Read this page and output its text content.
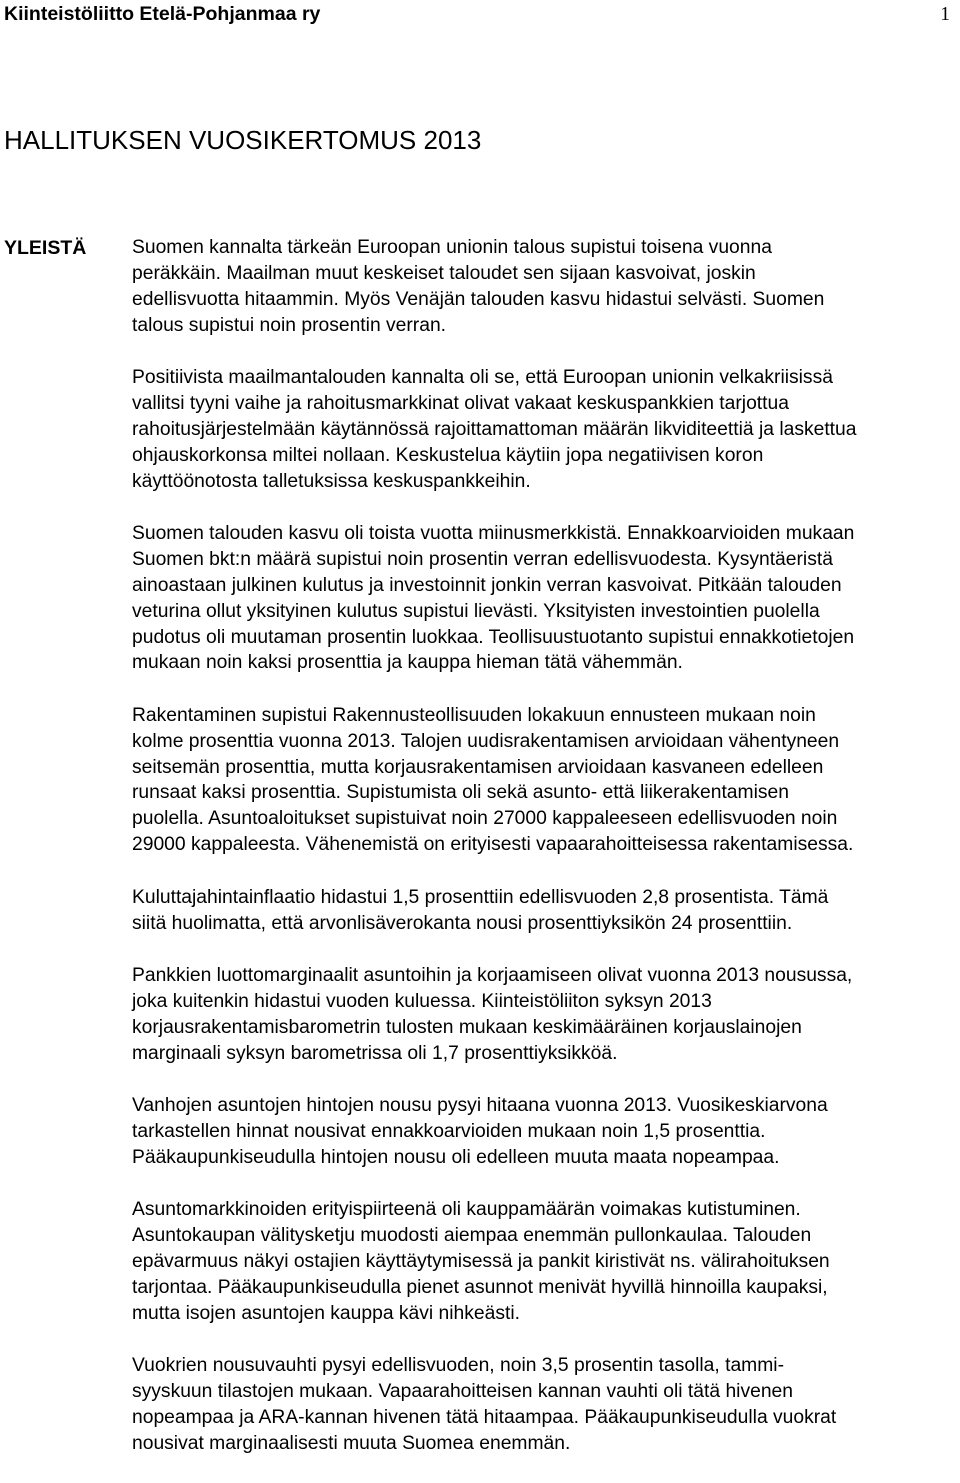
Kiinteistöliitto Etelä-Pohjanmaa ry	1
HALLITUKSEN VUOSIKERTOMUS 2013
YLEISTÄ Suomen kannalta tärkeän Euroopan unionin talous supistui toisena vuonna
peräkkäin. Maailman muut keskeiset taloudet sen sijaan kasvoivat, joskin
edellisvuotta hitaammin. Myös Venäjän talouden kasvu hidastui selvästi. Suomen
talous supistui noin prosentin verran.

Positiivista maailmantalouden kannalta oli se, että Euroopan unionin velkakriisissä
vallitsi tyyni vaihe ja rahoitusmarkkinat olivat vakaat keskuspankkien tarjottua
rahoitusjärjestelmään käytännössä rajoittamattoman määrän likviditeettiä ja laskettua
ohjauskorkonsa miltei nollaan. Keskustelua käytiin jopa negatiivisen koron
käyttöönotosta talletuksissa keskuspankkeihin.

Suomen talouden kasvu oli toista vuotta miinusmerkkistä. Ennakkoarvioiden mukaan
Suomen bkt:n määrä supistui noin prosentin verran edellisvuodesta. Kysyntäeristä
ainoastaan julkinen kulutus ja investoinnit jonkin verran kasvoivat. Pitkään talouden
veturina ollut yksityinen kulutus supistui lievästi. Yksityisten investointien puolella
pudotus oli muutaman prosentin luokkaa. Teollisuustuotanto supistui ennakkotietojen
mukaan noin kaksi prosenttia ja kauppa hieman tätä vähemmän.

Rakentaminen supistui Rakennusteollisuuden lokakuun ennusteen mukaan noin
kolme prosenttia vuonna 2013. Talojen uudisrakentamisen arvioidaan vähentyneen
seitsemän prosenttia, mutta korjausrakentamisen arvioidaan kasvaneen edelleen
runsaat kaksi prosenttia. Supistumista oli sekä asunto- että liikerakentamisen
puolella. Asuntoaloitukset supistuivat noin 27000 kappaleeseen edellisvuoden noin
29000 kappaleesta. Vähenemistä on erityisesti vapaarahoitteisessa rakentamisessa.

Kuluttajahintainflaatio hidastui 1,5 prosenttiin edellisvuoden 2,8 prosentista. Tämä
siitä huolimatta, että arvonlisäverokanta nousi prosenttiyksikön 24 prosenttiin.

Pankkien luottomarginaalit asuntoihin ja korjaamiseen olivat vuonna 2013 nousussa,
joka kuitenkin hidastui vuoden kuluessa. Kiinteistöliiton syksyn 2013
korjausrakentamisbarometrin tulosten mukaan keskimääräinen korjauslainojen
marginaali syksyn barometrissa oli 1,7 prosenttiyksikköä.

Vanhojen asuntojen hintojen nousu pysyi hitaana vuonna 2013. Vuosikeskiarvona
tarkastellen hinnat nousivat ennakkoarvioiden mukaan noin 1,5 prosenttia.
Pääkaupunkiseudulla hintojen nousu oli edelleen muuta maata nopeampaa.

Asuntomarkkinoiden erityispiirteenä oli kauppamäärän voimakas kutistuminen.
Asuntokaupan välitysketju muodosti aiempaa enemmän pullonkaulaa. Talouden
epävarmuus näkyi ostajien käyttäytymisessä ja pankit kiristivät ns. välirahoituksen
tarjontaa. Pääkaupunkiseudulla pienet asunnot menivät hyvillä hinnoilla kaupaksi,
mutta isojen asuntojen kauppa kävi nihkeästi.

Vuokrien nousuvauhti pysyi edellisvuoden, noin 3,5 prosentin tasolla, tammi-
syyskuun tilastojen mukaan. Vapaarahoitteisen kannan vauhti oli tätä hivenen
nopeampaa ja ARA-kannan hivenen tätä hitaampaa. Pääkaupunkiseudulla vuokrat
nousivat marginaalisesti muuta Suomea enemmän.
